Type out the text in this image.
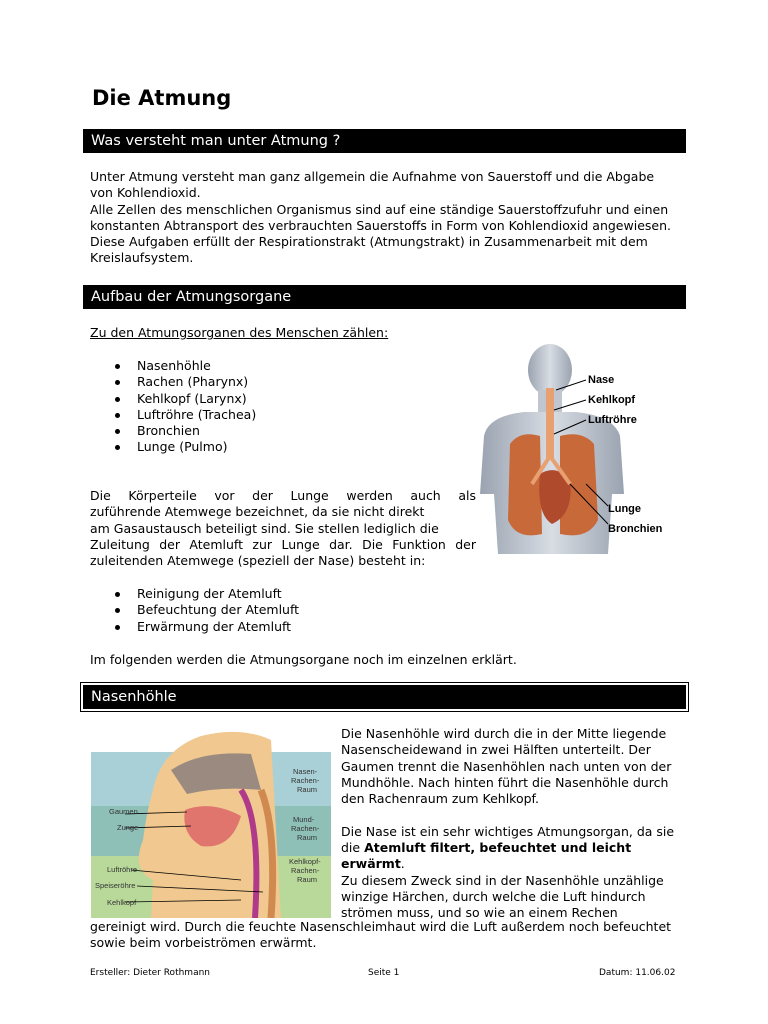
Die Atmung
Was versteht man unter Atmung ?

Unter Atmung versteht man ganz allgemein die Aufnahme von Sauerstoff und die Abgabe

von Kohlendioxid.

Alle Zellen des menschlichen Organismus sind auf eine ständige Sauerstoffzufuhr und einen

konstanten Abtransport des verbrauchten Sauerstoffs in Form von Kohlendioxid angewiesen.

Diese Aufgaben erfüllt der Respirationstrakt (Atmungstrakt) in Zusammenarbeit mit dem

Kreislaufsystem.

Aufbau der Atmungsorgane
Zu den Atmungsorganen des Menschen zählen:
Nasenhöhle
Rachen (Pharynx)
Kehlkopf (Larynx)
Luftröhre (Trachea)
Bronchien
Lunge (Pulmo)

Die Körperteile vor der Lunge werden auch als

zuführende Atemwege bezeichnet, da sie nicht direkt

am Gasaustausch beteiligt sind. Sie stellen lediglich die

Zuleitung der Atemluft zur Lunge dar. Die Funktion der

zuleitenden Atemwege (speziell der Nase) besteht in:

Reinigung der Atemluft
Befeuchtung der Atemluft
Erwärmung der Atemluft
Im folgenden werden die Atmungsorgane noch im einzelnen erklärt.
Nase
Kehlkopf
Luftröhre
Lunge
Bronchien
Nasenhöhle
Gaumen
Zunge
Luftröhre
Speiseröhre
Kehlkopf
Nasen-
Rachen-
Raum
Mund-
Rachen-
Raum
Kehlkopf-
Rachen-
Raum

Die Nasenhöhle wird durch die in der Mitte liegende

Nasenscheidewand in zwei Hälften unterteilt. Der

Gaumen trennt die Nasenhöhlen nach unten von der

Mundhöhle. Nach hinten führt die Nasenhöhle durch

den Rachenraum zum Kehlkopf.

Die Nase ist ein sehr wichtiges Atmungsorgan, da sie

die Atemluft filtert, befeuchtet und leicht

erwärmt.

Zu diesem Zweck sind in der Nasenhöhle unzählige

winzige Härchen, durch welche die Luft hindurch

strömen muss, und so wie an einem Rechen

gereinigt wird. Durch die feuchte Nasenschleimhaut wird die Luft außerdem noch befeuchtet

sowie beim vorbeiströmen erwärmt.

Ersteller: Dieter Rothmann	Seite 1	Datum: 11.06.02
